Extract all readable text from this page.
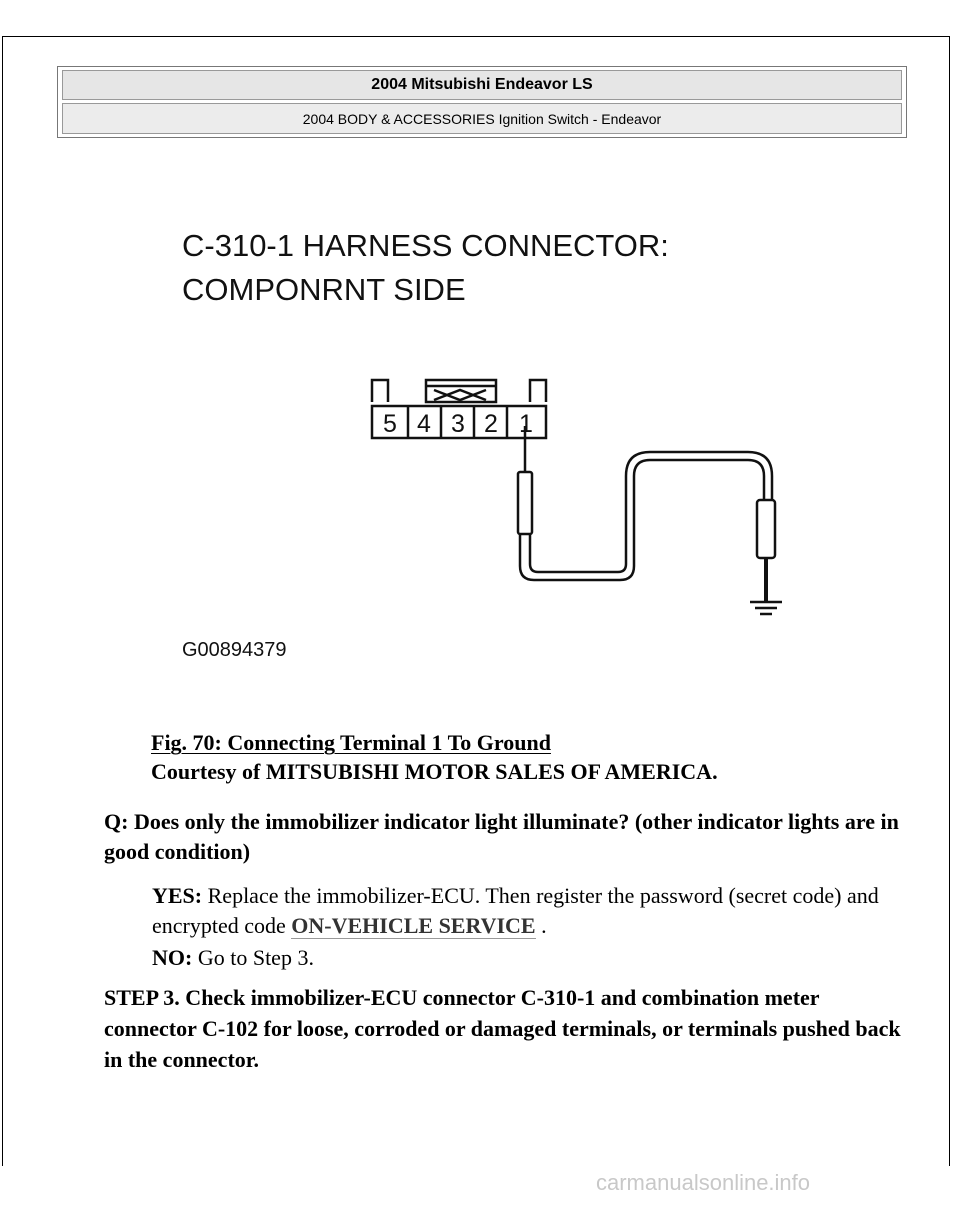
2004 Mitsubishi Endeavor LS
2004 BODY & ACCESSORIES Ignition Switch - Endeavor
C-310-1 HARNESS CONNECTOR:
COMPONRNT SIDE
5 4 3 2 1
G00894379
Fig. 70: Connecting Terminal 1 To Ground
Courtesy of MITSUBISHI MOTOR SALES OF AMERICA.
Q: Does only the immobilizer indicator light illuminate? (other indicator lights are in good condition)
YES: Replace the immobilizer-ECU. Then register the password (secret code) and encrypted code ON-VEHICLE SERVICE .
NO: Go to Step 3.
STEP 3. Check immobilizer-ECU connector C-310-1 and combination meter connector C-102 for loose, corroded or damaged terminals, or terminals pushed back in the connector.
carmanualsonline.info
